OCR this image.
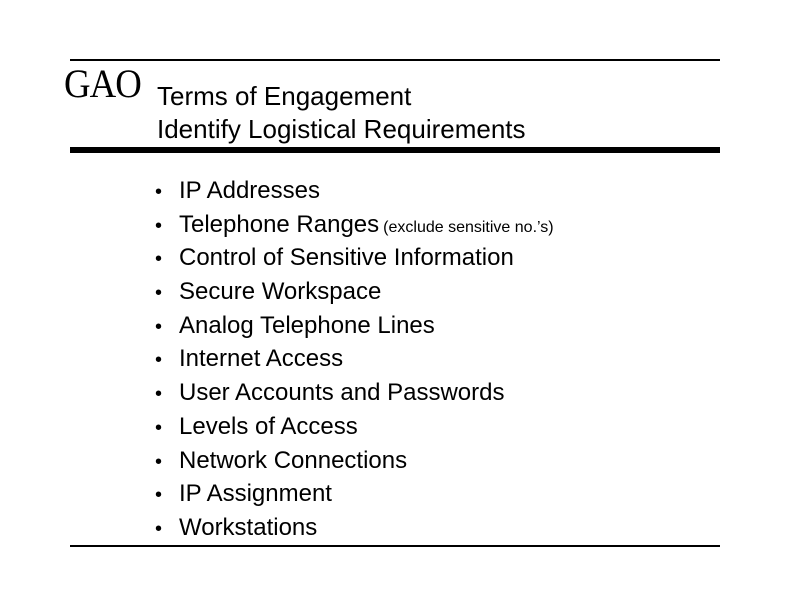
GAO Terms of Engagement
Identify Logistical Requirements
• IP Addresses
• Telephone Ranges (exclude sensitive no.’s)
• Control of Sensitive Information
• Secure Workspace
• Analog Telephone Lines
• Internet Access
• User Accounts and Passwords
• Levels of Access
• Network Connections
• IP Assignment
• Workstations
